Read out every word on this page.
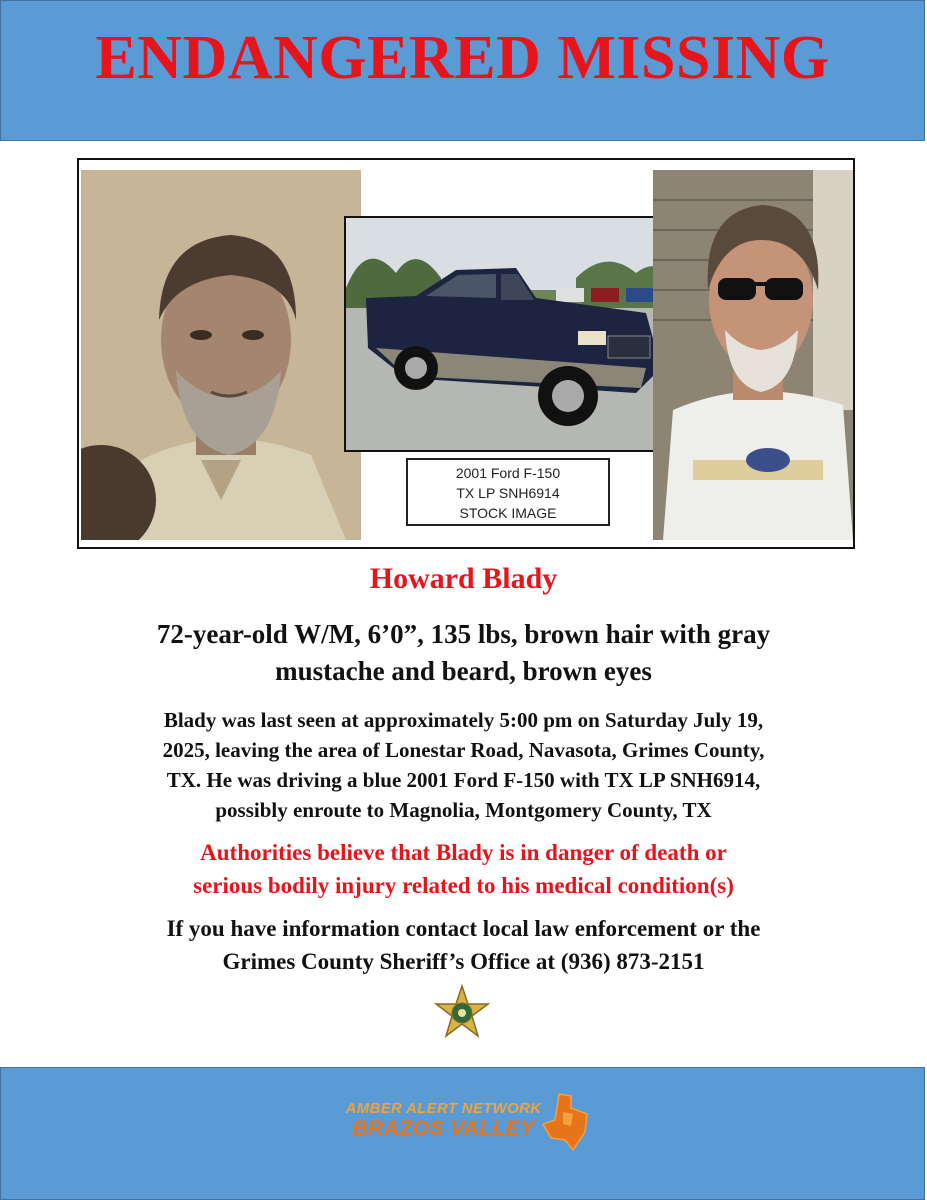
ENDANGERED MISSING
2001 Ford F-150
TX LP SNH6914
STOCK IMAGE
Howard Blady
72-year-old W/M, 6’0”, 135 lbs, brown hair with gray
mustache and beard, brown eyes
Blady was last seen at approximately 5:00 pm on Saturday July 19,
2025, leaving the area of Lonestar Road, Navasota, Grimes County,
TX. He was driving a blue 2001 Ford F-150 with TX LP SNH6914,
possibly enroute to Magnolia, Montgomery County, TX
Authorities believe that Blady is in danger of death or
serious bodily injury related to his medical condition(s)
If you have information contact local law enforcement or the
Grimes County Sheriff’s Office at (936) 873-2151
AMBER ALERT NETWORK
BRAZOS VALLEY
